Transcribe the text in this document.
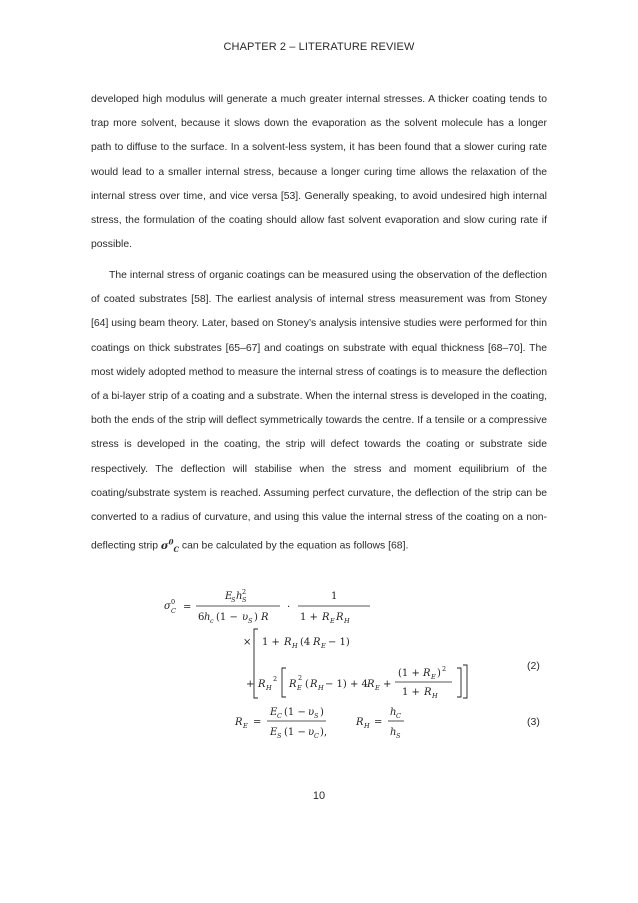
CHAPTER 2 – LITERATURE REVIEW

developed high modulus will generate a much greater internal stresses. A thicker coating tends to trap more solvent, because it slows down the evaporation as the solvent molecule has a longer path to diffuse to the surface. In a solvent-less system, it has been found that a slower curing rate would lead to a smaller internal stress, because a longer curing time allows the relaxation of the internal stress over time, and vice versa [53]. Generally speaking, to avoid undesired high internal stress, the formulation of the coating should allow fast solvent evaporation and slow curing rate if possible.

The internal stress of organic coatings can be measured using the observation of the deflection of coated substrates [58]. The earliest analysis of internal stress measurement was from Stoney [64] using beam theory. Later, based on Stoney’s analysis intensive studies were performed for thin coatings on thick substrates [65–67] and coatings on substrate with equal thickness [68–70]. The most widely adopted method to measure the internal stress of coatings is to measure the deflection of a bi-layer strip of a coating and a substrate. When the internal stress is developed in the coating, both the ends of the strip will deflect symmetrically towards the centre. If a tensile or a compressive stress is developed in the coating, the strip will defect towards the coating or substrate side respectively. The deflection will stabilise when the stress and moment equilibrium of the coating/substrate system is reached. Assuming perfect curvature, the deflection of the strip can be converted to a radius of curvature, and using this value the internal stress of the coating on a non-deflecting strip $\sigma^0_C$ can be calculated by the equation as follows [68].

σ C
0 =
E
S h S
2
6 h c (1 − υ S ) R
·
1
1 + R E R H
× 1 + R H (4 R E − 1)
+ R H
2 R E
2
( R H − 1) + 4 R E +
(1 + R E ) 2
1 + R H
R E =
E C (1 − υ S )
E S (1 − υ C ),
R H =
h C
h S
(2)
(3)
10
